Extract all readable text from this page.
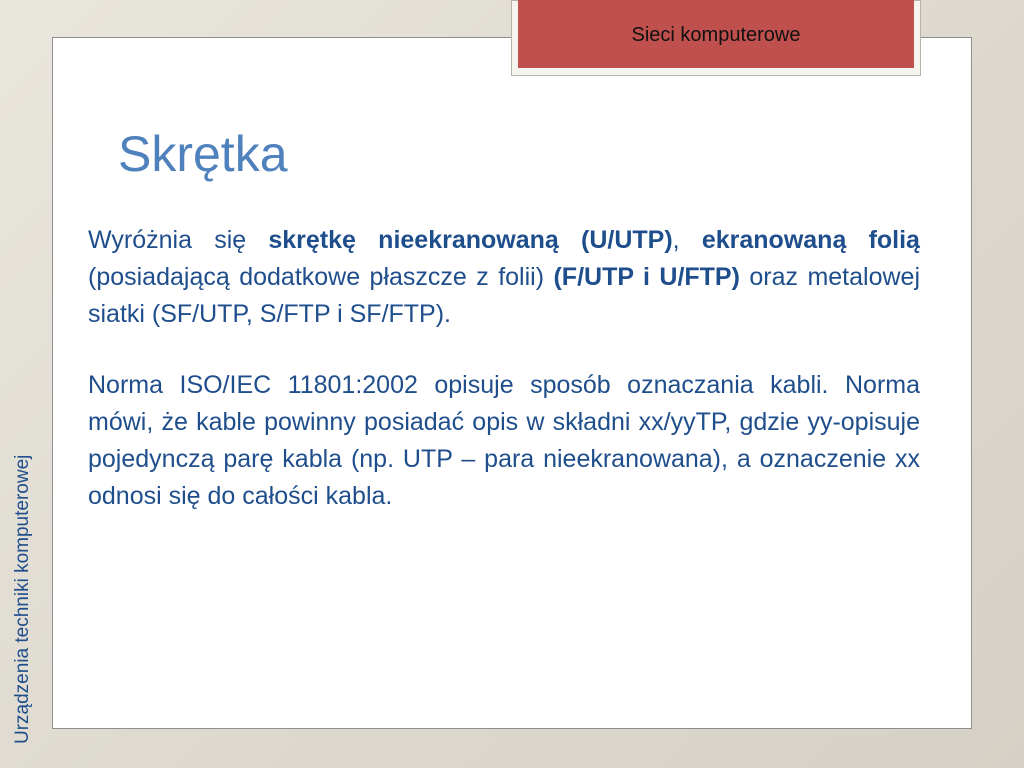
Sieci komputerowe
Skrętka

Wyróżnia się skrętkę nieekranowaną (U/UTP), ekranowaną folią (posiadającą dodatkowe płaszcze z folii) (F/UTP i U/FTP) oraz metalowej siatki (SF/UTP, S/FTP i SF/FTP).

Norma ISO/IEC 11801:2002 opisuje sposób oznaczania kabli. Norma mówi, że kable powinny posiadać opis w składni xx/yyTP, gdzie yy-opisuje pojedynczą parę kabla (np. UTP – para nieekranowana), a oznaczenie xx odnosi się do całości kabla.

Urządzenia techniki komputerowej
